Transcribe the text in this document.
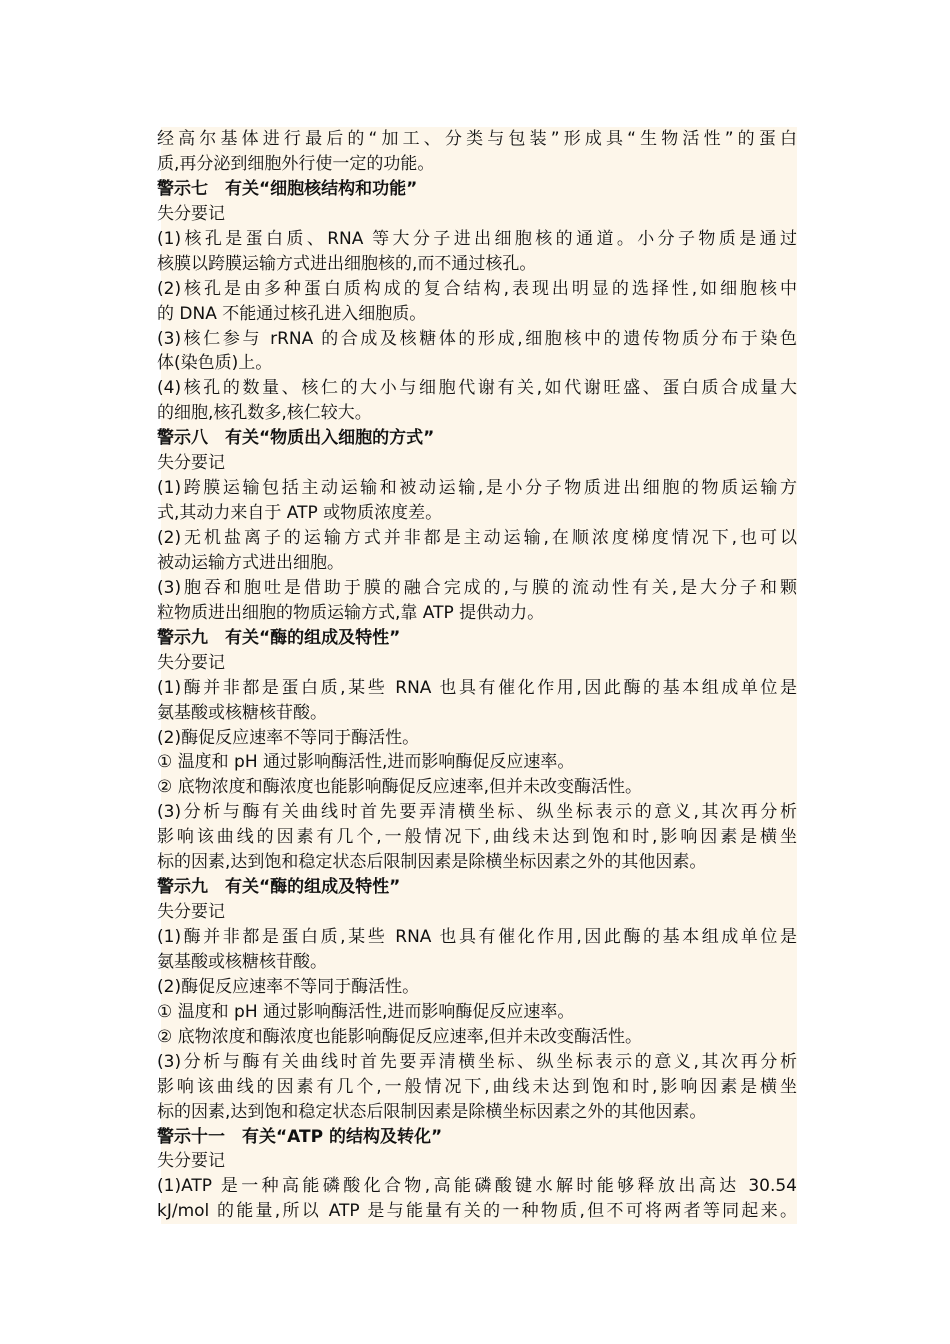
经高尔基体进行最后的“加工、分类与包装”形成具“生物活性”的蛋白
质,再分泌到细胞外行使一定的功能。
警示七　有关“细胞核结构和功能”
失分要记
(1)核孔是蛋白质、RNA 等大分子进出细胞核的通道。小分子物质是通过
核膜以跨膜运输方式进出细胞核的,而不通过核孔。
(2)核孔是由多种蛋白质构成的复合结构,表现出明显的选择性,如细胞核中
的 DNA 不能通过核孔进入细胞质。
(3)核仁参与 rRNA 的合成及核糖体的形成,细胞核中的遗传物质分布于染色
体(染色质)上。
(4)核孔的数量、核仁的大小与细胞代谢有关,如代谢旺盛、蛋白质合成量大
的细胞,核孔数多,核仁较大。
警示八　有关“物质出入细胞的方式”
失分要记
(1)跨膜运输包括主动运输和被动运输,是小分子物质进出细胞的物质运输方
式,其动力来自于 ATP 或物质浓度差。
(2)无机盐离子的运输方式并非都是主动运输,在顺浓度梯度情况下,也可以
被动运输方式进出细胞。
(3)胞吞和胞吐是借助于膜的融合完成的,与膜的流动性有关,是大分子和颗
粒物质进出细胞的物质运输方式,靠 ATP 提供动力。
警示九　有关“酶的组成及特性”
失分要记
(1)酶并非都是蛋白质,某些 RNA 也具有催化作用,因此酶的基本组成单位是
氨基酸或核糖核苷酸。
(2)酶促反应速率不等同于酶活性。
① 温度和 pH 通过影响酶活性,进而影响酶促反应速率。
② 底物浓度和酶浓度也能影响酶促反应速率,但并未改变酶活性。
(3)分析与酶有关曲线时首先要弄清横坐标、纵坐标表示的意义,其次再分析
影响该曲线的因素有几个,一般情况下,曲线未达到饱和时,影响因素是横坐
标的因素,达到饱和稳定状态后限制因素是除横坐标因素之外的其他因素。
警示九　有关“酶的组成及特性”
失分要记
(1)酶并非都是蛋白质,某些 RNA 也具有催化作用,因此酶的基本组成单位是
氨基酸或核糖核苷酸。
(2)酶促反应速率不等同于酶活性。
① 温度和 pH 通过影响酶活性,进而影响酶促反应速率。
② 底物浓度和酶浓度也能影响酶促反应速率,但并未改变酶活性。
(3)分析与酶有关曲线时首先要弄清横坐标、纵坐标表示的意义,其次再分析
影响该曲线的因素有几个,一般情况下,曲线未达到饱和时,影响因素是横坐
标的因素,达到饱和稳定状态后限制因素是除横坐标因素之外的其他因素。
警示十一　有关“ATP 的结构及转化”
失分要记
(1)ATP 是一种高能磷酸化合物,高能磷酸键水解时能够释放出高达 30.54
kJ/mol 的能量,所以 ATP 是与能量有关的一种物质,但不可将两者等同起来。
